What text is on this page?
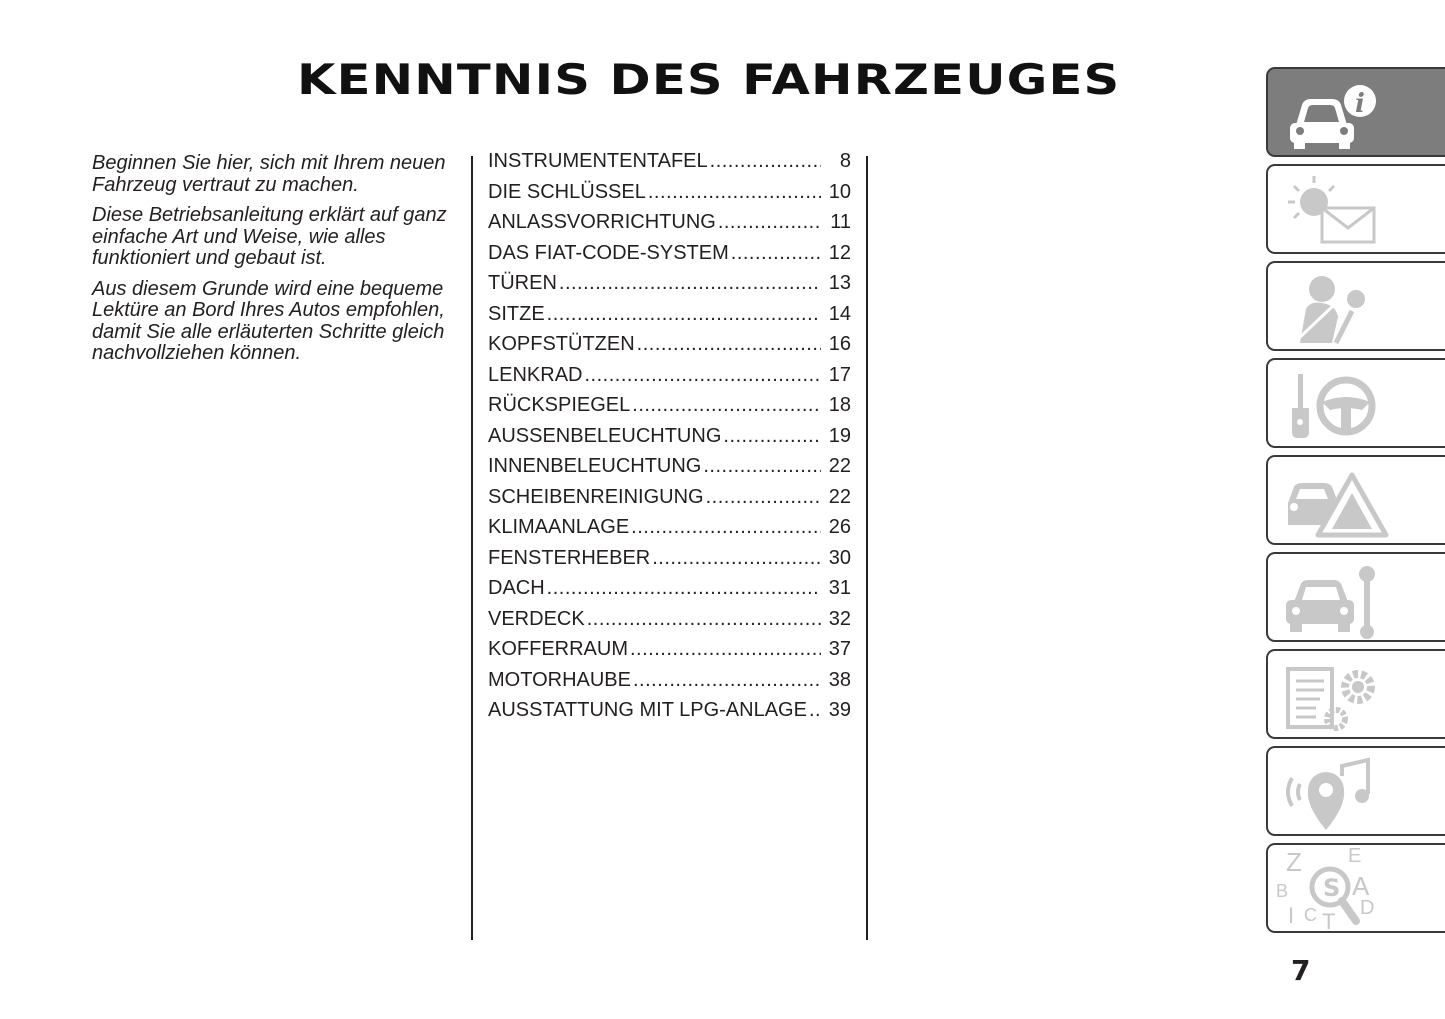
KENNTNIS DES FAHRZEUGES

Beginnen Sie hier, sich mit Ihrem neuen Fahrzeug vertraut zu machen.

Diese Betriebsanleitung erklärt auf ganz einfache Art und Weise, wie alles funktioniert und gebaut ist.

Aus diesem Grunde wird eine bequeme Lektüre an Bord Ihres Autos empfohlen, damit Sie alle erläuterten Schritte gleich nachvollziehen können.

INSTRUMENTENTAFEL .....	8
DIE SCHLÜSSEL .....	10
ANLASSVORRICHTUNG .....	11
DAS FIAT-CODE-SYSTEM .....	12
TÜREN .....	13
SITZE .....	14
KOPFSTÜTZEN .....	16
LENKRAD .....	17
RÜCKSPIEGEL .....	18
AUSSENBELEUCHTUNG .....	19
INNENBELEUCHTUNG .....	22
SCHEIBENREINIGUNG .....	22
KLIMAANLAGE .....	26
FENSTERHEBER .....	30
DACH .....	31
VERDECK .....	32
KOFFERRAUM .....	37
MOTORHAUBE .....	38
AUSSTATTUNG MIT LPG-ANLAGE ..... 39
i
S
Z E
B A
C D
I T
7
